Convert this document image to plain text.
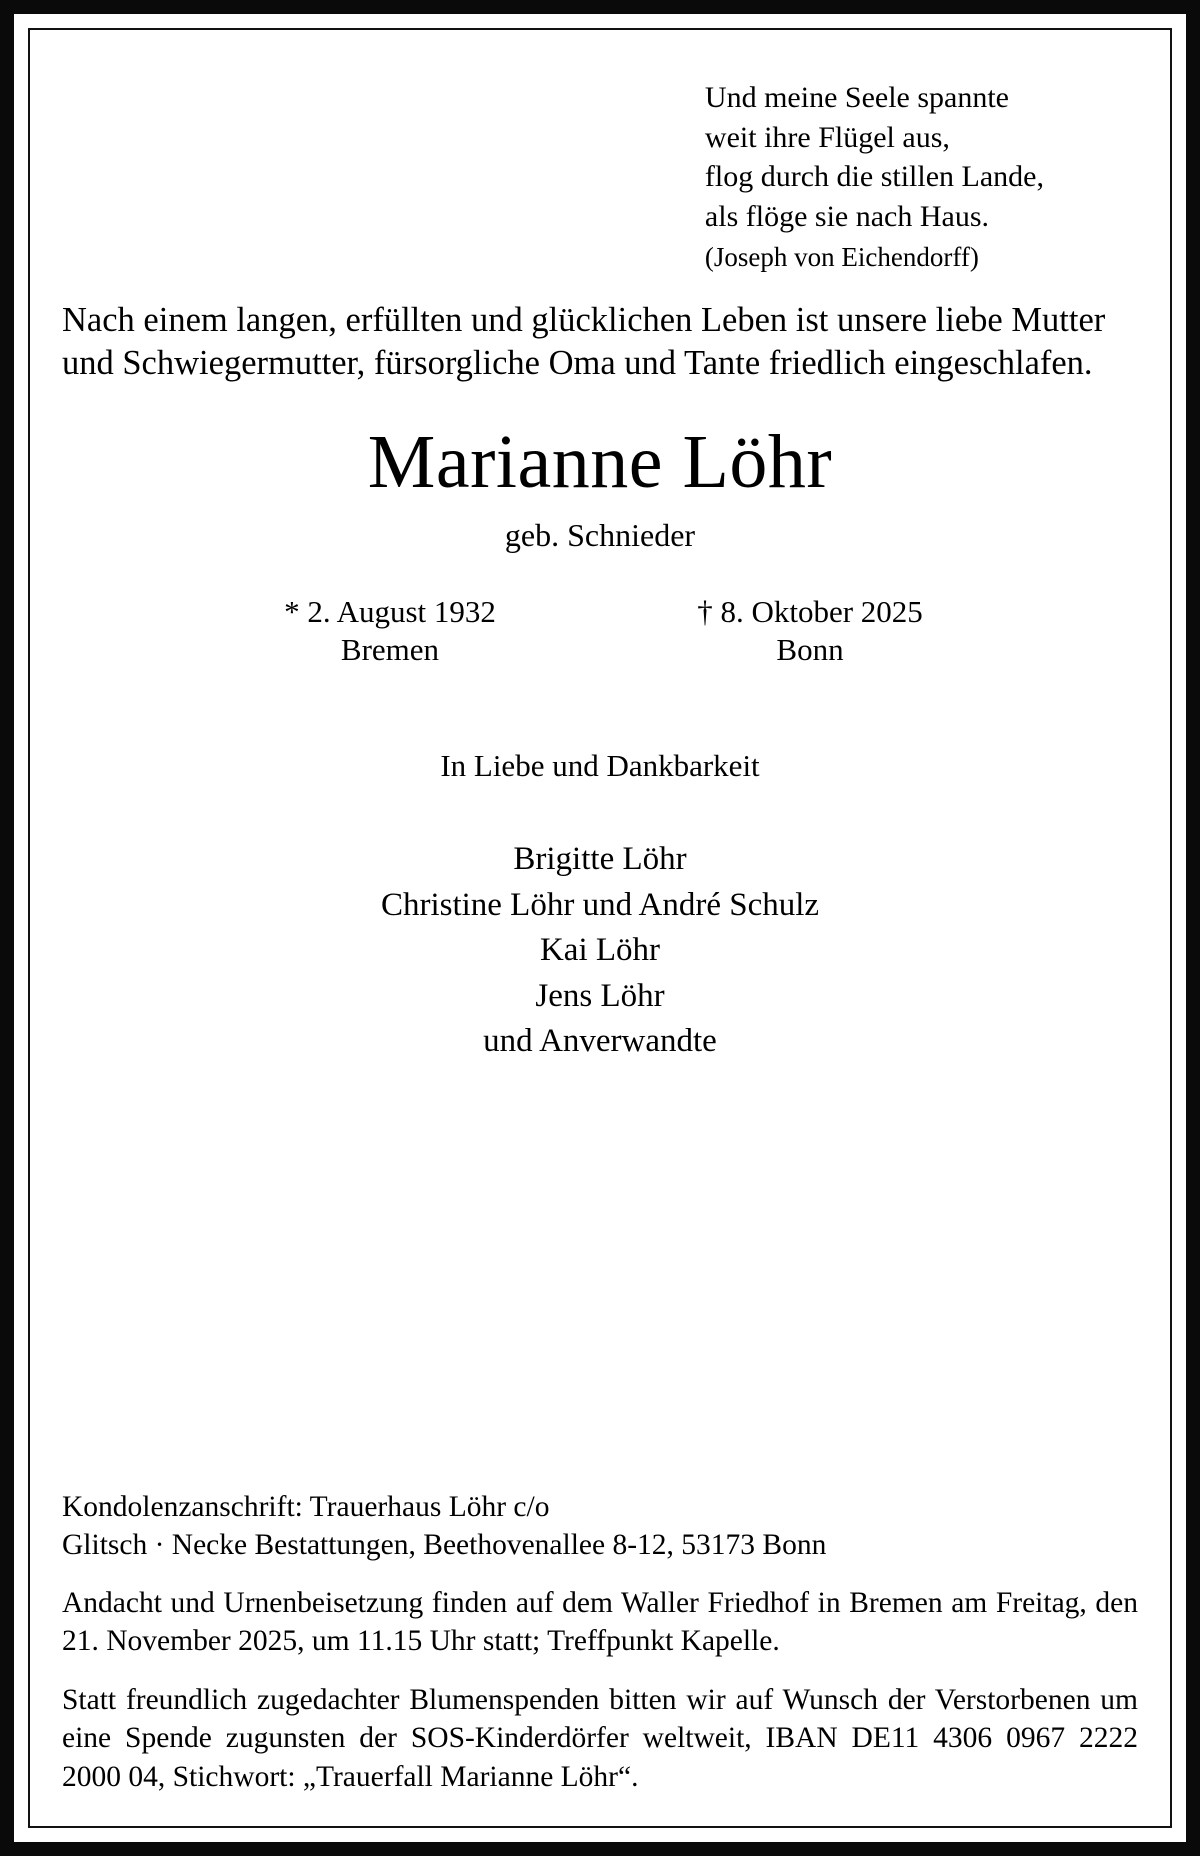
Und meine Seele spannte
weit ihre Flügel aus,
flog durch die stillen Lande,
als flöge sie nach Haus.
(Joseph von Eichendorff)
Nach einem langen, erfüllten und glücklichen Leben ist unsere liebe Mutter und Schwiegermutter, fürsorgliche Oma und Tante friedlich eingeschlafen.
Marianne Löhr
geb. Schnieder
* 2. August 1932
Bremen
† 8. Oktober 2025
Bonn
In Liebe und Dankbarkeit
Brigitte Löhr
Christine Löhr und André Schulz
Kai Löhr
Jens Löhr
und Anverwandte
Kondolenzanschrift: Trauerhaus Löhr c/o
Glitsch · Necke Bestattungen, Beethovenallee 8-12, 53173 Bonn
Andacht und Urnenbeisetzung finden auf dem Waller Friedhof in Bremen am Freitag, den 21. November 2025, um 11.15 Uhr statt; Treffpunkt Kapelle.
Statt freundlich zugedachter Blumenspenden bitten wir auf Wunsch der Verstorbenen um eine Spende zugunsten der SOS-Kinderdörfer weltweit, IBAN DE11 4306 0967 2222 2000 04, Stichwort: „Trauerfall Marianne Löhr“.
